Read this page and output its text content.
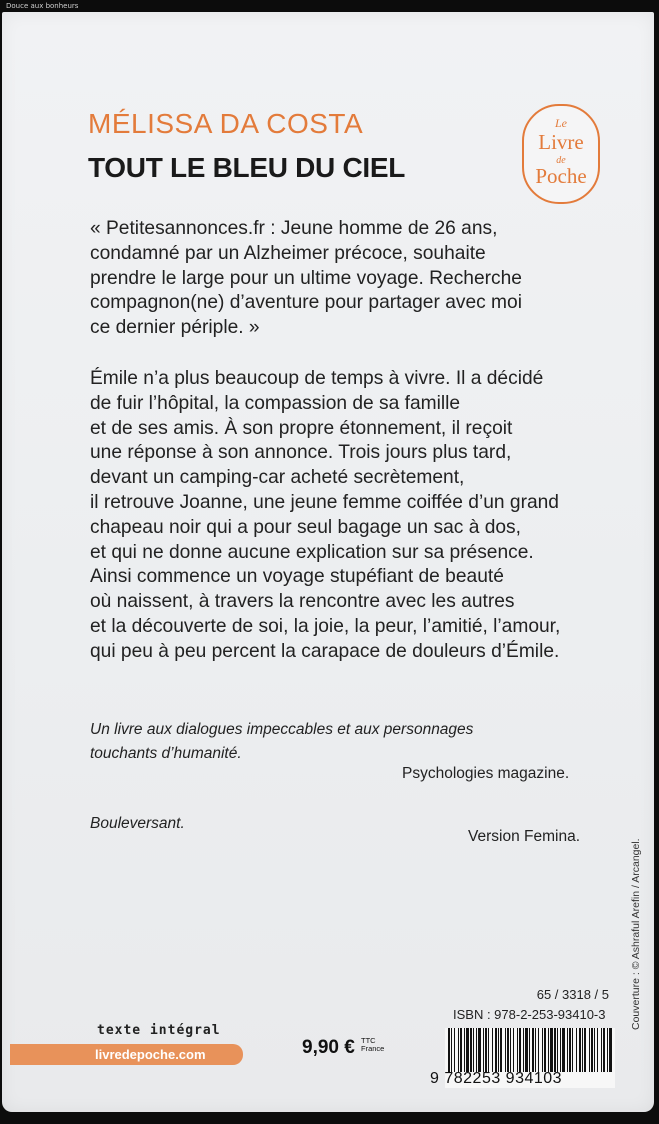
Douce aux bonheurs
MÉLISSA DA COSTA
TOUT LE BLEU DU CIEL
Le
Livre
de
Poche
« Petitesannonces.fr : Jeune homme de 26 ans,
condamné par un Alzheimer précoce, souhaite
prendre le large pour un ultime voyage. Recherche
compagnon(ne) d’aventure pour partager avec moi
ce dernier périple. »
Émile n’a plus beaucoup de temps à vivre. Il a décidé
de fuir l’hôpital, la compassion de sa famille
et de ses amis. À son propre étonnement, il reçoit
une réponse à son annonce. Trois jours plus tard,
devant un camping-car acheté secrètement,
il retrouve Joanne, une jeune femme coiffée d’un grand
chapeau noir qui a pour seul bagage un sac à dos,
et qui ne donne aucune explication sur sa présence.
Ainsi commence un voyage stupéfiant de beauté
où naissent, à travers la rencontre avec les autres
et la découverte de soi, la joie, la peur, l’amitié, l’amour,
qui peu à peu percent la carapace de douleurs d’Émile.
Un livre aux dialogues impeccables et aux personnages
touchants d’humanité.
Psychologies magazine.
Bouleversant.
Version Femina.
Couverture : © Ashraful Arefin / Arcangel.
texte intégral
livredepoche.com	9,90 € TTC
France
65 / 3318 / 5
ISBN : 978-2-253-93410-3
9 782253 934103
